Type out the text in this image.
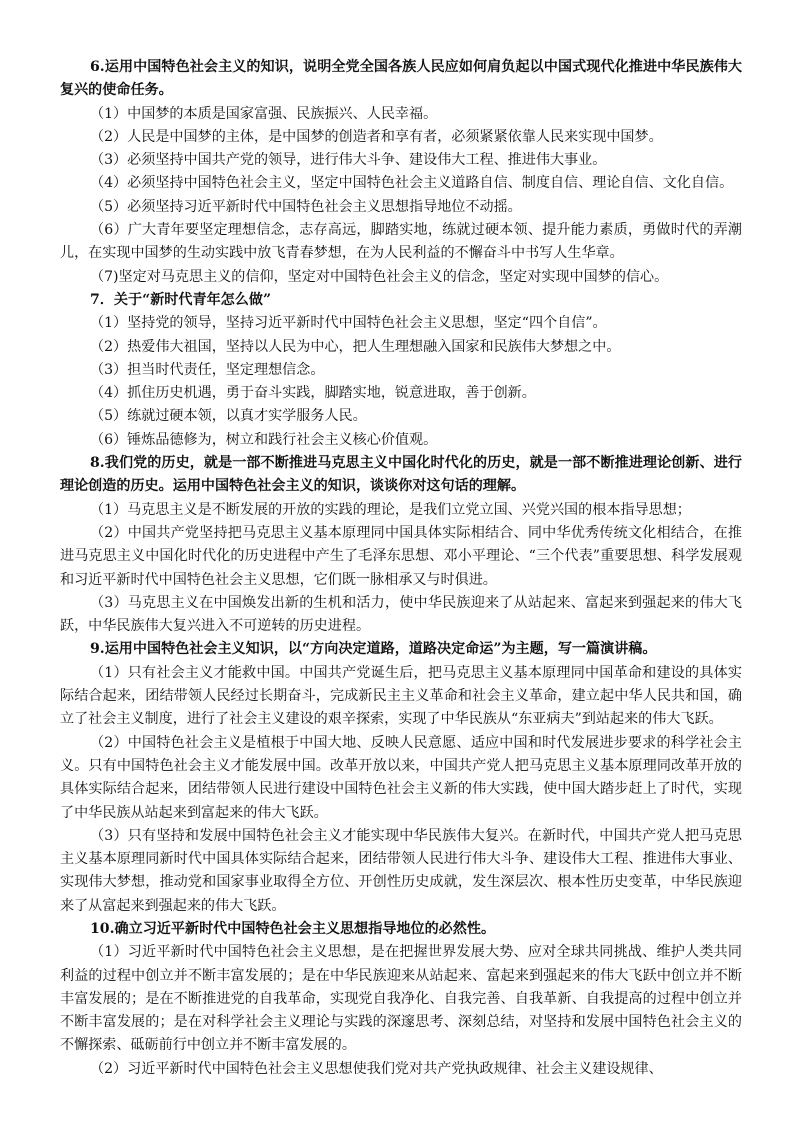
6.运用中国特色社会主义的知识，说明全党全国各族人民应如何肩负起以中国式现代化推进中华民族伟大复兴的使命任务。

（1）中国梦的本质是国家富强、民族振兴、人民幸福。

（2）人民是中国梦的主体，是中国梦的创造者和享有者，必须紧紧依靠人民来实现中国梦。

（3）必须坚持中国共产党的领导，进行伟大斗争、建设伟大工程、推进伟大事业。

（4）必须坚持中国特色社会主义，坚定中国特色社会主义道路自信、制度自信、理论自信、文化自信。

（5）必须坚持习近平新时代中国特色社会主义思想指导地位不动摇。

（6）广大青年要坚定理想信念，志存高远，脚踏实地，练就过硬本领、提升能力素质，勇做时代的弄潮儿，在实现中国梦的生动实践中放飞青春梦想，在为人民利益的不懈奋斗中书写人生华章。

（7)坚定对马克思主义的信仰，坚定对中国特色社会主义的信念，坚定对实现中国梦的信心。

7．关于“新时代青年怎么做”

（1）坚持党的领导，坚持习近平新时代中国特色社会主义思想，坚定“四个自信”。

（2）热爱伟大祖国，坚持以人民为中心，把人生理想融入国家和民族伟大梦想之中。

（3）担当时代责任，坚定理想信念。

（4）抓住历史机遇，勇于奋斗实践，脚踏实地，锐意进取，善于创新。

（5）练就过硬本领，以真才实学服务人民。

（6）锤炼品德修为，树立和践行社会主义核心价值观。

8.我们党的历史，就是一部不断推进马克思主义中国化时代化的历史，就是一部不断推进理论创新、进行理论创造的历史。运用中国特色社会主义的知识，谈谈你对这句话的理解。

（1）马克思主义是不断发展的开放的实践的理论，是我们立党立国、兴党兴国的根本指导思想；

（2）中国共产党坚持把马克思主义基本原理同中国具体实际相结合、同中华优秀传统文化相结合，在推进马克思主义中国化时代化的历史进程中产生了毛泽东思想、邓小平理论、“三个代表”重要思想、科学发展观和习近平新时代中国特色社会主义思想，它们既一脉相承又与时俱进。

（3）马克思主义在中国焕发出新的生机和活力，使中华民族迎来了从站起来、富起来到强起来的伟大飞跃，中华民族伟大复兴进入不可逆转的历史进程。

9.运用中国特色社会主义知识，以“方向决定道路，道路决定命运”为主题，写一篇演讲稿。

（1）只有社会主义才能救中国。中国共产党诞生后，把马克思主义基本原理同中国革命和建设的具体实际结合起来，团结带领人民经过长期奋斗，完成新民主主义革命和社会主义革命，建立起中华人民共和国，确立了社会主义制度，进行了社会主义建设的艰辛探索，实现了中华民族从“东亚病夫”到站起来的伟大飞跃。

（2）中国特色社会主义是植根于中国大地、反映人民意愿、适应中国和时代发展进步要求的科学社会主义。只有中国特色社会主义才能发展中国。改革开放以来，中国共产党人把马克思主义基本原理同改革开放的具体实际结合起来，团结带领人民进行建设中国特色社会主义新的伟大实践，使中国大踏步赶上了时代，实现了中华民族从站起来到富起来的伟大飞跃。

（3）只有坚持和发展中国特色社会主义才能实现中华民族伟大复兴。在新时代，中国共产党人把马克思主义基本原理同新时代中国具体实际结合起来，团结带领人民进行伟大斗争、建设伟大工程、推进伟大事业、实现伟大梦想，推动党和国家事业取得全方位、开创性历史成就，发生深层次、根本性历史变革，中华民族迎来了从富起来到强起来的伟大飞跃。

10.确立习近平新时代中国特色社会主义思想指导地位的必然性。

（1）习近平新时代中国特色社会主义思想，是在把握世界发展大势、应对全球共同挑战、维护人类共同利益的过程中创立并不断丰富发展的；是在中华民族迎来从站起来、富起来到强起来的伟大飞跃中创立并不断丰富发展的；是在不断推进党的自我革命，实现党自我净化、自我完善、自我革新、自我提高的过程中创立并不断丰富发展的；是在对科学社会主义理论与实践的深邃思考、深刻总结，对坚持和发展中国特色社会主义的不懈探索、砥砺前行中创立并不断丰富发展的。

（2）习近平新时代中国特色社会主义思想使我们党对共产党执政规律、社会主义建设规律、
